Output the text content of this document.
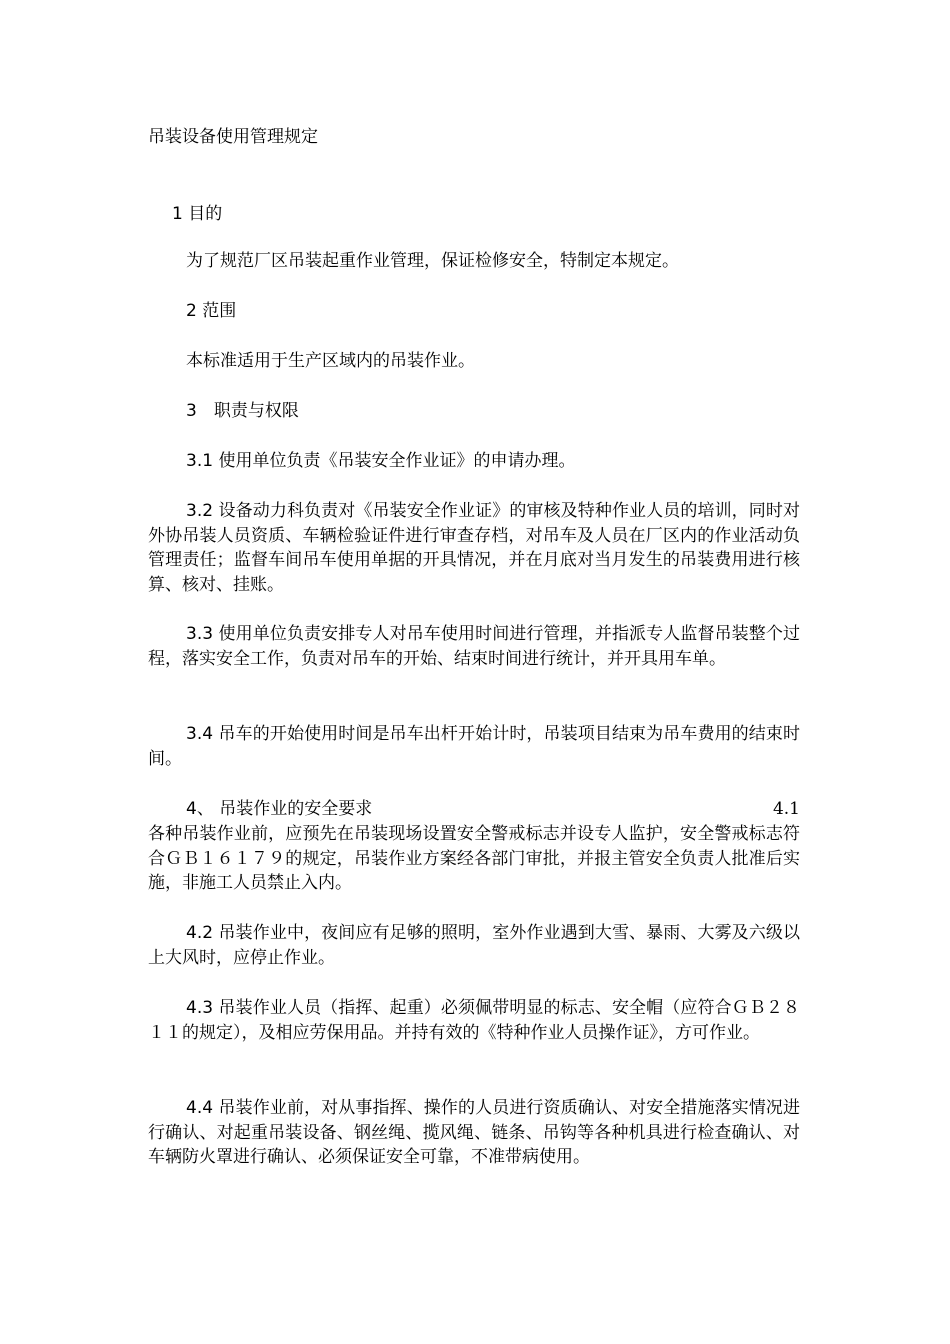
吊装设备使用管理规定
1 目的
为了规范厂区吊装起重作业管理，保证检修安全，特制定本规定。
2 范围
本标准适用于生产区域内的吊装作业。
3　职责与权限
3.1 使用单位负责《吊装安全作业证》的申请办理。
3.2 设备动力科负责对《吊装安全作业证》的审核及特种作业人员的培训，同时对外协吊装人员资质、车辆检验证件进行审查存档，对吊车及人员在厂区内的作业活动负管理责任；监督车间吊车使用单据的开具情况，并在月底对当月发生的吊装费用进行核算、核对、挂账。
3.3 使用单位负责安排专人对吊车使用时间进行管理，并指派专人监督吊装整个过程，落实安全工作，负责对吊车的开始、结束时间进行统计，并开具用车单。
3.4 吊车的开始使用时间是吊车出杆开始计时，吊装项目结束为吊车费用的结束时间。
4、 吊装作业的安全要求	4.1
各种吊装作业前，应预先在吊装现场设置安全警戒标志并设专人监护，安全警戒标志符合ＧＢ１６１７９的规定，吊装作业方案经各部门审批，并报主管安全负责人批准后实施，非施工人员禁止入内。
4.2 吊装作业中，夜间应有足够的照明，室外作业遇到大雪、暴雨、大雾及六级以上大风时，应停止作业。
4.3 吊装作业人员（指挥、起重）必须佩带明显的标志、安全帽（应符合ＧＢ２８１１的规定），及相应劳保用品。并持有效的《特种作业人员操作证》，方可作业。
4.4 吊装作业前，对从事指挥、操作的人员进行资质确认、对安全措施落实情况进行确认、对起重吊装设备、钢丝绳、揽风绳、链条、吊钩等各种机具进行检查确认、对车辆防火罩进行确认、必须保证安全可靠，不准带病使用。
